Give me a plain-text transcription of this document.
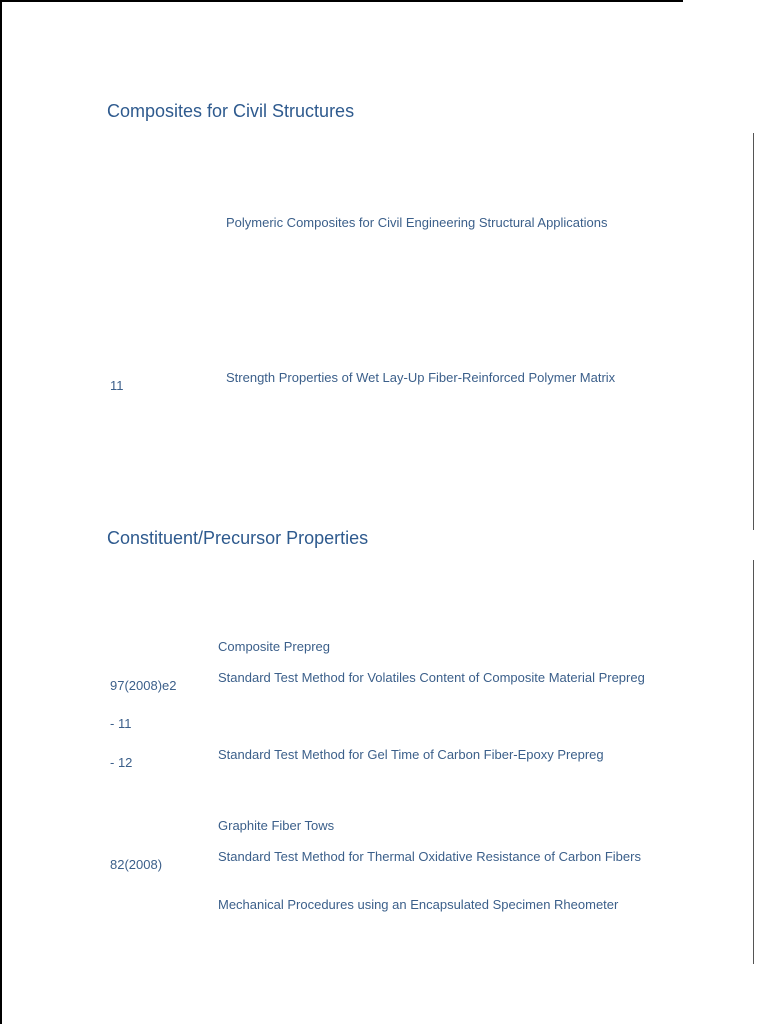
Composites for Civil Structures
Polymeric Composites for Civil Engineering Structural Applications
11
Strength Properties of Wet Lay-Up Fiber-Reinforced Polymer Matrix
Constituent/Precursor Properties
Composite Prepreg
97(2008)e2
Standard Test Method for Volatiles Content of Composite Material Prepreg
- 11
- 12
Standard Test Method for Gel Time of Carbon Fiber-Epoxy Prepreg
Graphite Fiber Tows
82(2008)
Standard Test Method for Thermal Oxidative Resistance of Carbon Fibers
Mechanical Procedures using an Encapsulated Specimen Rheometer
